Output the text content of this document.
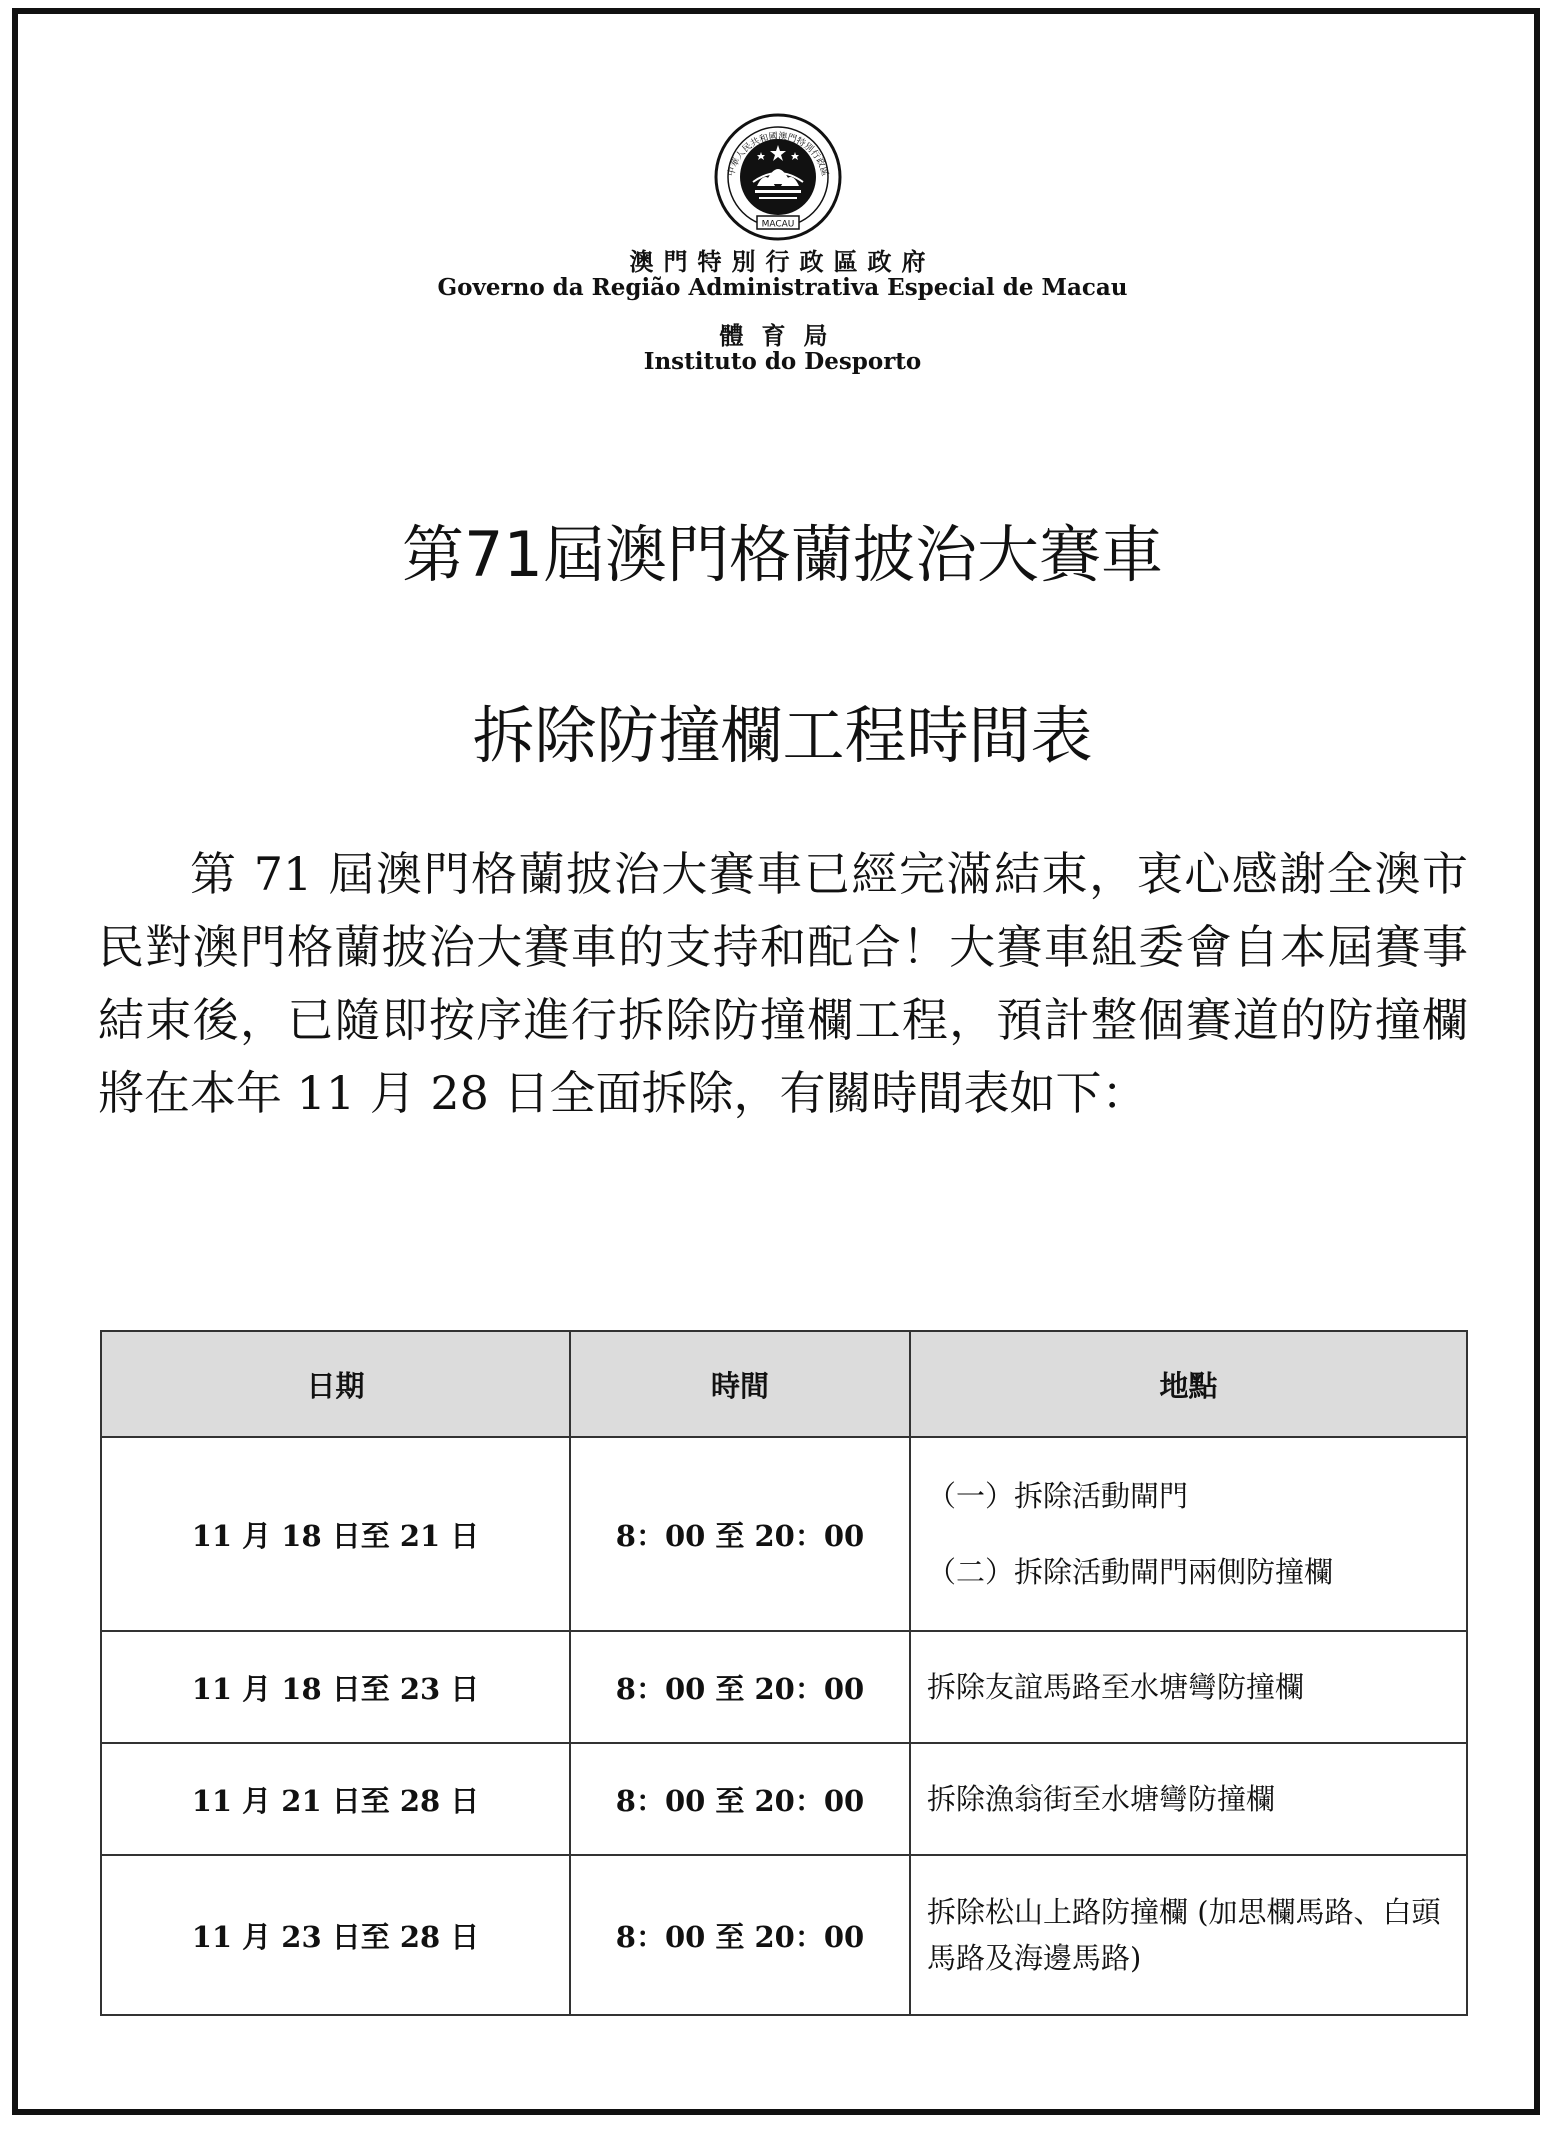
MACAU
中華人民共和國澳門特別行政區
澳門特別行政區政府
Governo da Região Administrativa Especial de Macau
體育局
Instituto do Desporto
第71屆澳門格蘭披治大賽車
拆除防撞欄工程時間表
第 71 屆澳門格蘭披治大賽車已經完滿結束，衷心感謝全澳市民對澳門格蘭披治大賽車的支持和配合！大賽車組委會自本屆賽事結束後，已隨即按序進行拆除防撞欄工程，預計整個賽道的防撞欄將在本年 11 月 28 日全面拆除，有關時間表如下：
日期	時間	地點
11 月 18 日至 21 日	8：00 至 20：00	（一）拆除活動閘門
（二）拆除活動閘門兩側防撞欄

11 月 18 日至 23 日	8：00 至 20：00	拆除友誼馬路至水塘彎防撞欄

11 月 21 日至 28 日	8：00 至 20：00	拆除漁翁街至水塘彎防撞欄

11 月 23 日至 28 日	8：00 至 20：00	拆除松山上路防撞欄 (加思欄馬路、白頭馬路及海邊馬路)
